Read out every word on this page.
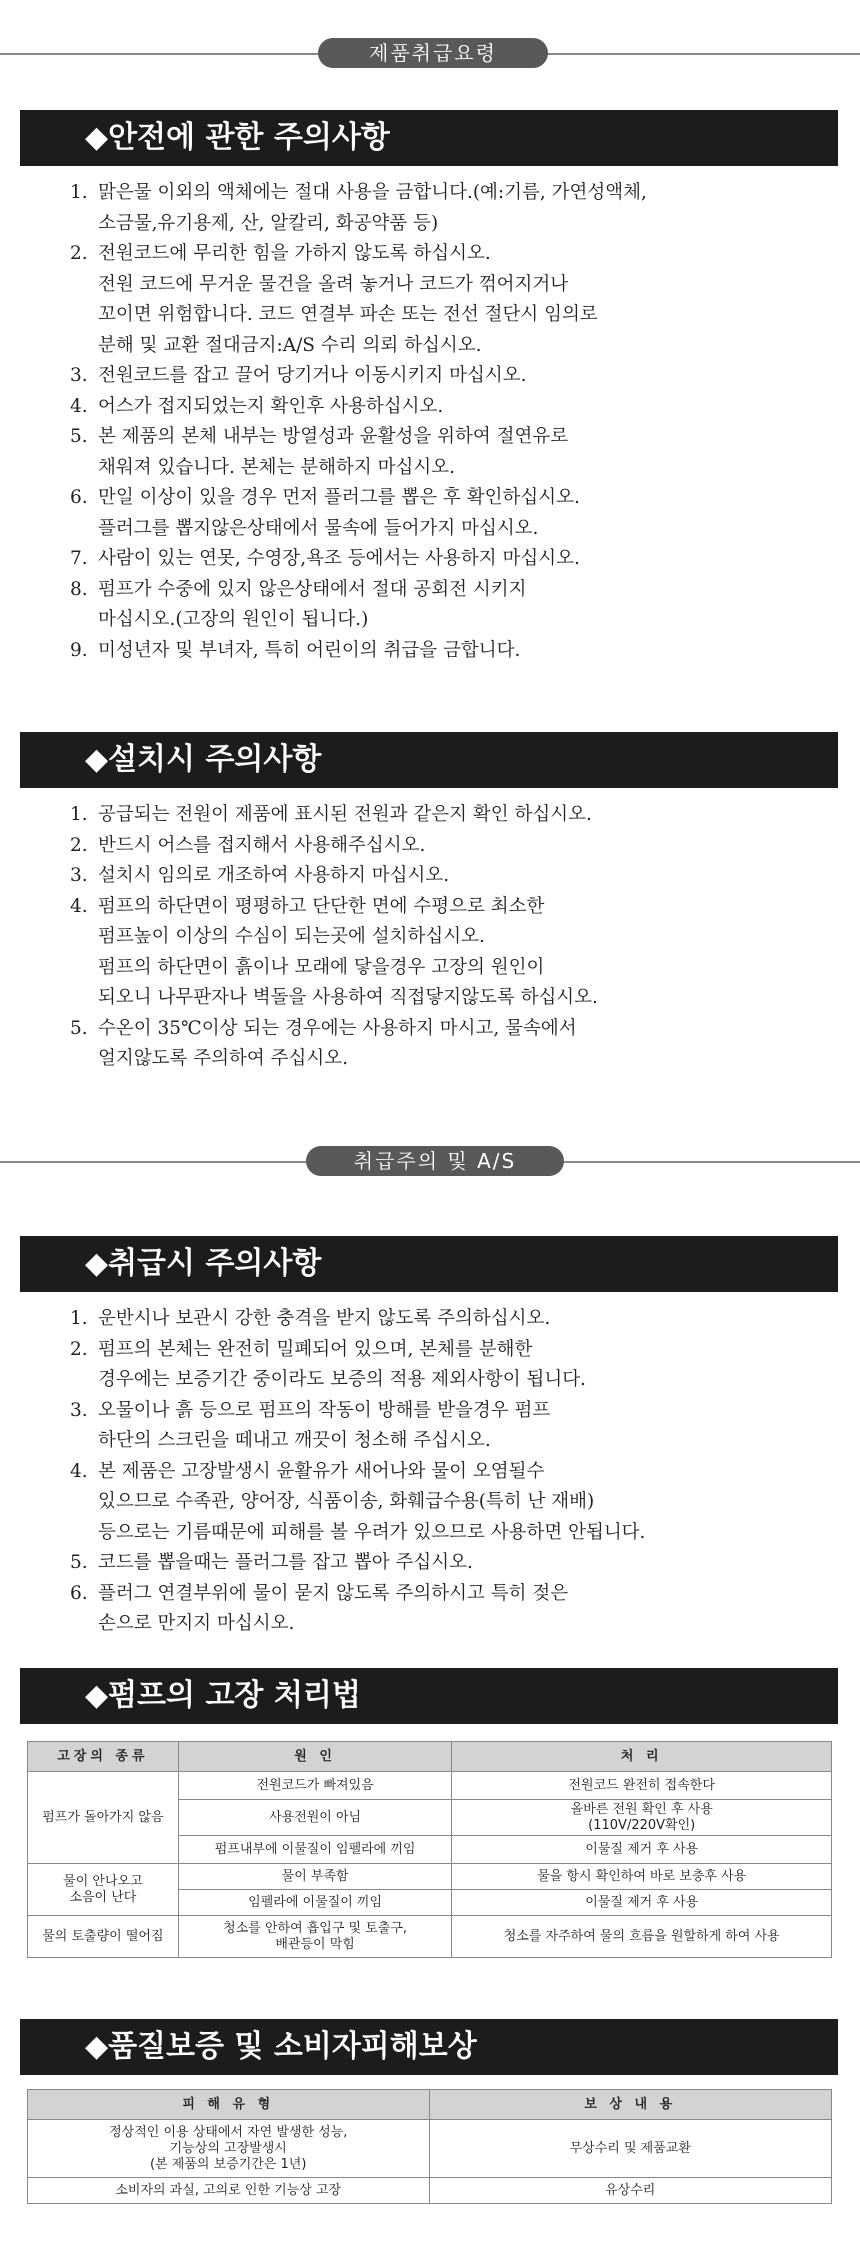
제품취급요령
◆안전에 관한 주의사항
1. 맑은물 이외의 액체에는 절대 사용을 금합니다.(예:기름, 가연성액체,
소금물,유기용제, 산, 알칼리, 화공약품 등)
2. 전원코드에 무리한 힘을 가하지 않도록 하십시오.
전원 코드에 무거운 물건을 올려 놓거나 코드가 꺾어지거나
꼬이면 위험합니다. 코드 연결부 파손 또는 전선 절단시 임의로
분해 및 교환 절대금지:A/S 수리 의뢰 하십시오.
3. 전원코드를 잡고 끌어 당기거나 이동시키지 마십시오.
4. 어스가 접지되었는지 확인후 사용하십시오.
5. 본 제품의 본체 내부는 방열성과 윤활성을 위하여 절연유로
채워져 있습니다. 본체는 분해하지 마십시오.
6. 만일 이상이 있을 경우 먼저 플러그를 뽑은 후 확인하십시오.
플러그를 뽑지않은상태에서 물속에 들어가지 마십시오.
7. 사람이 있는 연못, 수영장,욕조 등에서는 사용하지 마십시오.
8. 펌프가 수중에 있지 않은상태에서 절대 공회전 시키지
마십시오.(고장의 원인이 됩니다.)
9. 미성년자 및 부녀자, 특히 어린이의 취급을 금합니다.
◆설치시 주의사항
1. 공급되는 전원이 제품에 표시된 전원과 같은지 확인 하십시오.
2. 반드시 어스를 접지해서 사용해주십시오.
3. 설치시 임의로 개조하여 사용하지 마십시오.
4. 펌프의 하단면이 평평하고 단단한 면에 수평으로 최소한
펌프높이 이상의 수심이 되는곳에 설치하십시오.
펌프의 하단면이 흙이나 모래에 닿을경우 고장의 원인이
되오니 나무판자나 벽돌을 사용하여 직접닿지않도록 하십시오.
5. 수온이 35℃이상 되는 경우에는 사용하지 마시고, 물속에서
얼지않도록 주의하여 주십시오.
취급주의 및 A/S
◆취급시 주의사항
1. 운반시나 보관시 강한 충격을 받지 않도록 주의하십시오.
2. 펌프의 본체는 완전히 밀폐되어 있으며, 본체를 분해한
경우에는 보증기간 중이라도 보증의 적용 제외사항이 됩니다.
3. 오물이나 흙 등으로 펌프의 작동이 방해를 받을경우 펌프
하단의 스크린을 떼내고 깨끗이 청소해 주십시오.
4. 본 제품은 고장발생시 윤활유가 새어나와 물이 오염될수
있으므로 수족관, 양어장, 식품이송, 화훼급수용(특히 난 재배)
등으로는 기름때문에 피해를 볼 우려가 있으므로 사용하면 안됩니다.
5. 코드를 뽑을때는 플러그를 잡고 뽑아 주십시오.
6. 플러그 연결부위에 물이 묻지 않도록 주의하시고 특히 젖은
손으로 만지지 마십시오.
◆펌프의 고장 처리법
고장의 종류	원 인	처 리
펌프가 돌아가지 않음	전원코드가 빠져있음	전원코드 완전히 접속한다
	사용전원이 아님	올바른 전원 확인 후 사용
(110V/220V확인)
	펌프내부에 이물질이 임펠라에 끼임	이물질 제거 후 사용
물이 안나오고
소음이 난다	물이 부족함	물을 항시 확인하여 바로 보충후 사용
	임펠라에 이물질이 끼임	이물질 제거 후 사용
물의 토출량이 떨어짐	청소를 안하여 흡입구 및 토출구,
배관등이 막힘	청소를 자주하여 물의 흐름을 원할하게 하여 사용
◆품질보증 및 소비자피해보상
피 해 유 형	보 상 내 용
정상적인 이용 상태에서 자연 발생한 성능,
기능상의 고장발생시
(본 제품의 보증기간은 1년)	무상수리 및 제품교환
소비자의 과실, 고의로 인한 기능상 고장	유상수리
